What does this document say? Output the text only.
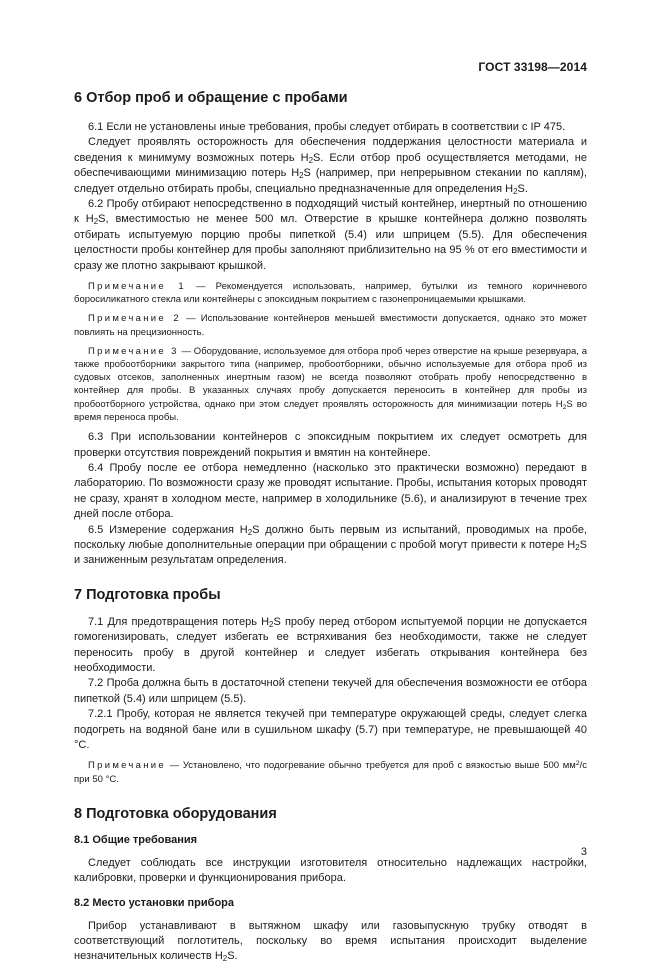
ГОСТ 33198—2014
6 Отбор проб и обращение с пробами

6.1 Если не установлены иные требования, пробы следует отбирать в соответствии с IP 475.

Следует проявлять осторожность для обеспечения поддержания целостности материала и сведения к минимуму возможных потерь $H_2S$. Если отбор проб осуществляется методами, не обеспечивающими минимизацию потерь $H_2S$ (например, при непрерывном стекании по каплям), следует отдельно отбирать пробы, специально предназначенные для определения $H_2S$.

6.2 Пробу отбирают непосредственно в подходящий чистый контейнер, инертный по отношению к $H_2S$, вместимостью не менее 500 мл. Отверстие в крышке контейнера должно позволять отбирать испытуемую порцию пробы пипеткой (5.4) или шприцем (5.5). Для обеспечения целостности пробы контейнер для пробы заполняют приблизительно на 95 % от его вместимости и сразу же плотно закрывают крышкой.

Примечание 1 — Рекомендуется использовать, например, бутылки из темного коричневого боросиликатного стекла или контейнеры с эпоксидным покрытием с газонепроницаемыми крышками.

Примечание 2 — Использование контейнеров меньшей вместимости допускается, однако это может повлиять на прецизионность.

Примечание 3 — Оборудование, используемое для отбора проб через отверстие на крыше резервуара, а также пробоотборники закрытого типа (например, пробоотборники, обычно используемые для отбора проб из судовых отсеков, заполненных инертным газом) не всегда позволяют отобрать пробу непосредственно в контейнер для пробы. В указанных случаях пробу допускается переносить в контейнер для пробы из пробоотборного устройства, однако при этом следует проявлять осторожность для минимизации потерь $H_2S$ во время переноса пробы.

6.3 При использовании контейнеров с эпоксидным покрытием их следует осмотреть для проверки отсутствия повреждений покрытия и вмятин на контейнере.

6.4 Пробу после ее отбора немедленно (насколько это практически возможно) передают в лабораторию. По возможности сразу же проводят испытание. Пробы, испытания которых проводят не сразу, хранят в холодном месте, например в холодильнике (5.6), и анализируют в течение трех дней после отбора.

6.5 Измерение содержания $H_2S$ должно быть первым из испытаний, проводимых на пробе, поскольку любые дополнительные операции при обращении с пробой могут привести к потере $H_2S$ и заниженным результатам определения.

7 Подготовка пробы

7.1 Для предотвращения потерь $H_2S$ пробу перед отбором испытуемой порции не допускается гомогенизировать, следует избегать ее встряхивания без необходимости, также не следует переносить пробу в другой контейнер и следует избегать открывания контейнера без необходимости.

7.2 Проба должна быть в достаточной степени текучей для обеспечения возможности ее отбора пипеткой (5.4) или шприцем (5.5).

7.2.1 Пробу, которая не является текучей при температуре окружающей среды, следует слегка подогреть на водяной бане или в сушильном шкафу (5.7) при температуре, не превышающей 40 °С.

Примечание — Установлено, что подогревание обычно требуется для проб с вязкостью выше 500 $мм^2/с$ при 50 °С.

8 Подготовка оборудования
8.1 Общие требования

Следует соблюдать все инструкции изготовителя относительно надлежащих настройки, калибровки, проверки и функционирования прибора.

8.2 Место установки прибора

Прибор устанавливают в вытяжном шкафу или газовыпускную трубку отводят в соответствующий поглотитель, поскольку во время испытания происходит выделение незначительных количеств $H_2S$.

3
